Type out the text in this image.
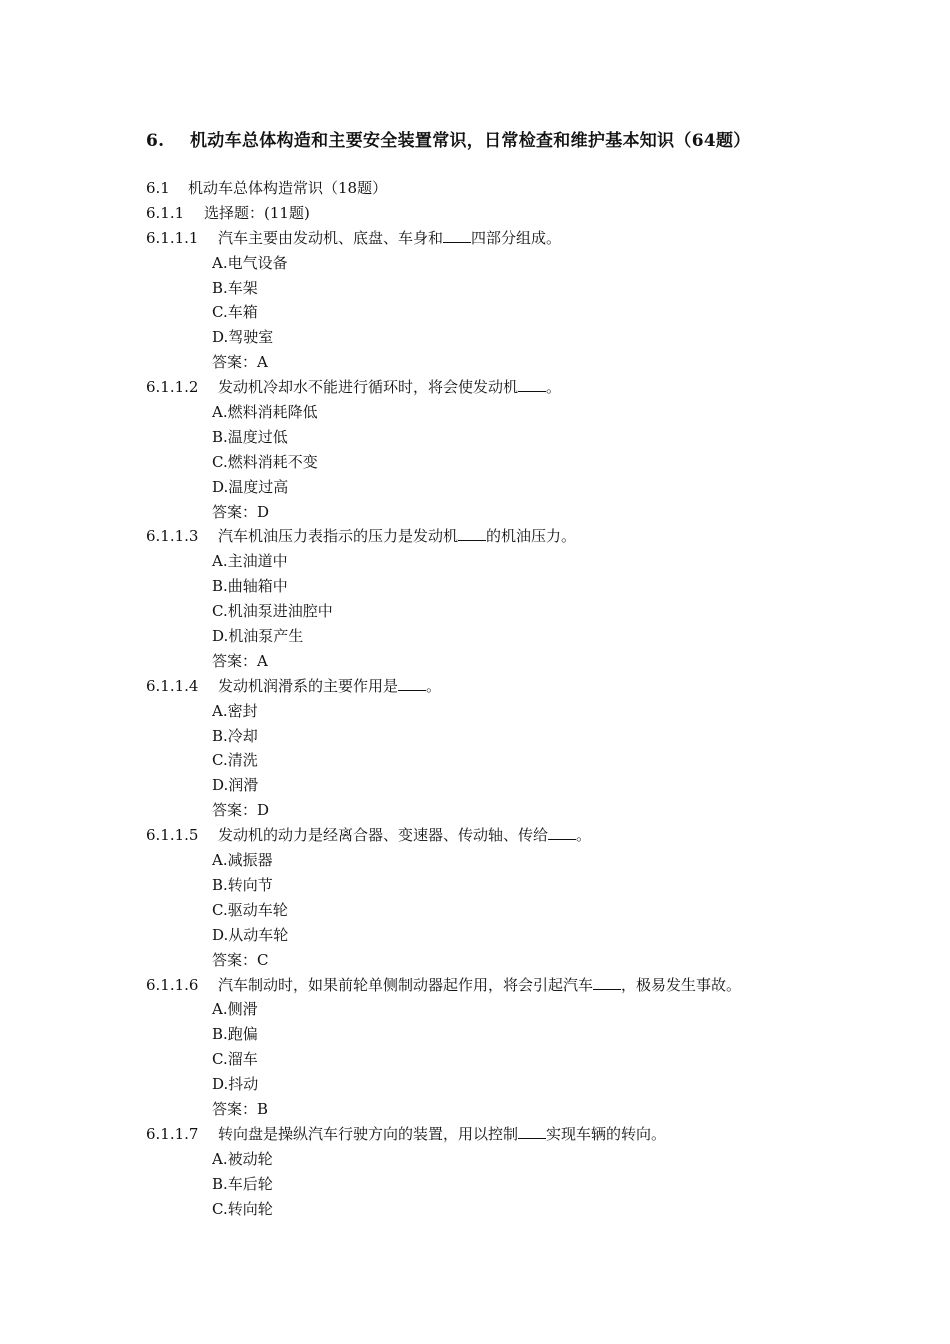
6. 机动车总体构造和主要安全装置常识，日常检查和维护基本知识（64题）
6.1 机动车总体构造常识（18题）
6.1.1 选择题：(11题)
6.1.1.1 汽车主要由发动机、底盘、车身和 四部分组成。
A.电气设备
B.车架
C.车箱
D.驾驶室
答案：A
6.1.1.2 发动机冷却水不能进行循环时，将会使发动机 。
A.燃料消耗降低
B.温度过低
C.燃料消耗不变
D.温度过高
答案：D
6.1.1.3 汽车机油压力表指示的压力是发动机 的机油压力。
A.主油道中
B.曲轴箱中
C.机油泵进油腔中
D.机油泵产生
答案：A
6.1.1.4 发动机润滑系的主要作用是 。
A.密封
B.冷却
C.清洗
D.润滑
答案：D
6.1.1.5 发动机的动力是经离合器、变速器、传动轴、传给 。
A.减振器
B.转向节
C.驱动车轮
D.从动车轮
答案：C
6.1.1.6 汽车制动时，如果前轮单侧制动器起作用，将会引起汽车 ，极易发生事故。
A.侧滑
B.跑偏
C.溜车
D.抖动
答案：B
6.1.1.7 转向盘是操纵汽车行驶方向的装置，用以控制 实现车辆的转向。
A.被动轮
B.车后轮
C.转向轮
